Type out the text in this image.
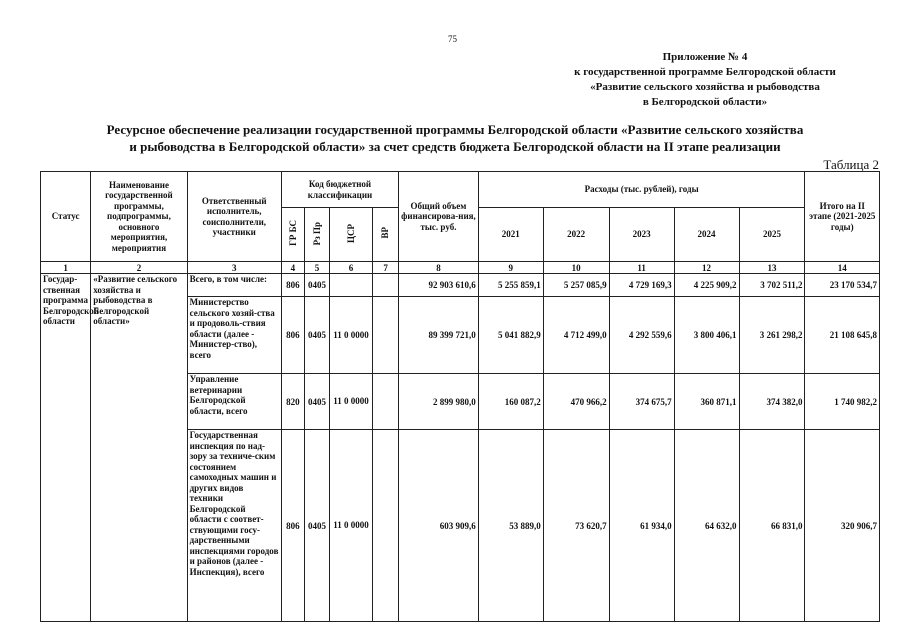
75
Приложение № 4
к государственной программе Белгородской области
«Развитие сельского хозяйства и рыбоводства
в Белгородской области»
Ресурсное обеспечение реализации государственной программы Белгородской области «Развитие сельского хозяйства
и рыбоводства в Белгородской области» за счет средств бюджета Белгородской области на II этапе реализации
Таблица 2
Статус	Наименование государственной программы, подпрограммы, основного мероприятия, мероприятия	Ответственный исполнитель, соисполнители, участники	Код бюджетной классификации				Общий объем финансирова-ния, тыс. руб.	Расходы (тыс. рублей), годы					Итого на II этапе (2021-2025 годы)
			ГР БС	Рз Пр	ЦСР	ВР		2021	2022	2023	2024	2025	
1	2	3	4	5	6	7	8	9	10	11	12	13	14
Государ-ственная программа Белгородской области	«Развитие сельского хозяйства и рыбоводства в Белгородской области»	Всего, в том числе:	806	0405			92 903 610,6	5 255 859,1	5 257 085,9	4 729 169,3	4 225 909,2	3 702 511,2	23 170 534,7
		Министерство сельского хозяй-ства и продоволь-ствия области (далее - Министер-ство), всего	806	0405	11 0 0000		89 399 721,0	5 041 882,9	4 712 499,0	4 292 559,6	3 800 406,1	3 261 298,2	21 108 645,8
		Управление ветеринарии Белгородской области, всего	820	0405	11 0 0000		2 899 980,0	160 087,2	470 966,2	374 675,7	360 871,1	374 382,0	1 740 982,2
		Государственная инспекция по над-зору за техниче-ским состоянием самоходных машин и других видов техники Белгородской области с соответ-ствующими госу-дарственными инспекциями городов и районов (далее - Инспекция), всего	806	0405	11 0 0000		603 909,6	53 889,0	73 620,7	61 934,0	64 632,0	66 831,0	320 906,7
